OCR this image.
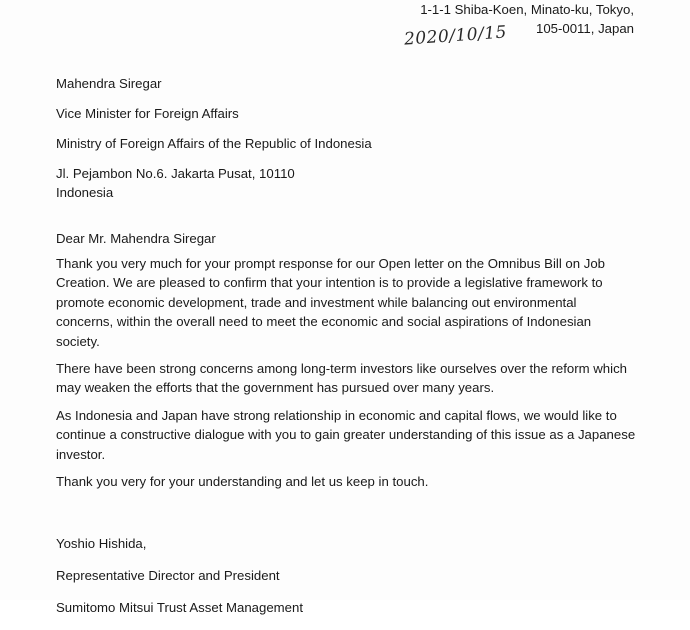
1-1-1 Shiba-Koen, Minato-ku, Tokyo,
105-0011, Japan
2020/10/15
Mahendra Siregar
Vice Minister for Foreign Affairs
Ministry of Foreign Affairs of the Republic of Indonesia
Jl. Pejambon No.6. Jakarta Pusat, 10110
Indonesia
Dear Mr. Mahendra Siregar

Thank you very much for your prompt response for our Open letter on the Omnibus Bill on Job Creation. We are pleased to confirm that your intention is to provide a legislative framework to promote economic development, trade and investment while balancing out environmental concerns, within the overall need to meet the economic and social aspirations of Indonesian society.

There have been strong concerns among long-term investors like ourselves over the reform which may weaken the efforts that the government has pursued over many years.

As Indonesia and Japan have strong relationship in economic and capital flows, we would like to continue a constructive dialogue with you to gain greater understanding of this issue as a Japanese investor.

Thank you very for your understanding and let us keep in touch.

Yoshio Hishida,
Representative Director and President
Sumitomo Mitsui Trust Asset Management
